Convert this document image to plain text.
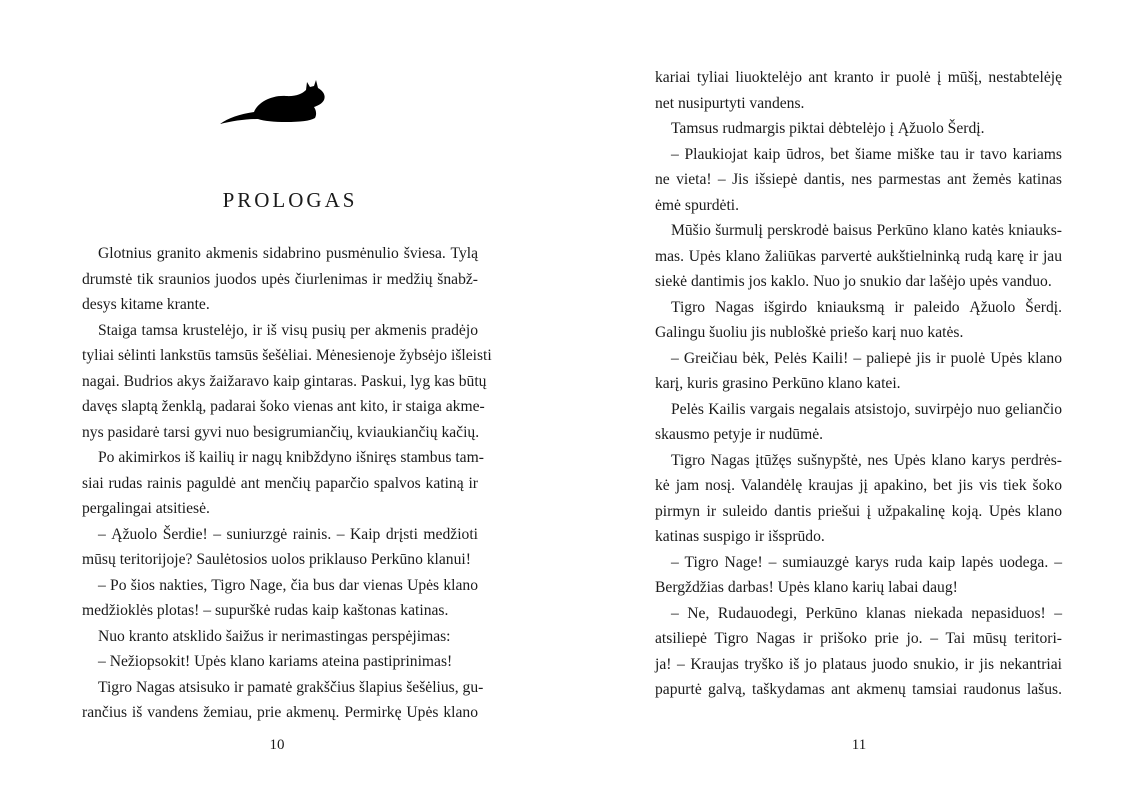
PROLOGAS
Glotnius granito akmenis sidabrino pusmėnulio šviesa. Tylą
drumstė tik sraunios juodos upės čiurlenimas ir medžių šnabž-
desys kitame krante.
Staiga tamsa krustelėjo, ir iš visų pusių per akmenis pradėjo
tyliai sėlinti lankstūs tamsūs šešėliai. Mėnesienoje žybsėjo išleisti
nagai. Budrios akys žaižaravo kaip gintaras. Paskui, lyg kas būtų
davęs slaptą ženklą, padarai šoko vienas ant kito, ir staiga akme-
nys pasidarė tarsi gyvi nuo besigrumiančių, kviaukiančių kačių.
Po akimirkos iš kailių ir nagų knibždyno išniręs stambus tam-
siai rudas rainis paguldė ant menčių paparčio spalvos katiną ir
pergalingai atsitiesė.
– Ąžuolo Šerdie! – suniurzgė rainis. – Kaip drįsti medžioti
mūsų teritorijoje? Saulėtosios uolos priklauso Perkūno klanui!
– Po šios nakties, Tigro Nage, čia bus dar vienas Upės klano
medžioklės plotas! – supurškė rudas kaip kaštonas katinas.
Nuo kranto atsklido šaižus ir nerimastingas perspėjimas:
– Nežiopsokit! Upės klano kariams ateina pastiprinimas!
Tigro Nagas atsisuko ir pamatė grakščius šlapius šešėlius, gu-
rančius iš vandens žemiau, prie akmenų. Permirkę Upės klano
10
kariai tyliai liuoktelėjo ant kranto ir puolė į mūšį, nestabtelėję
net nusipurtyti vandens.
Tamsus rudmargis piktai dėbtelėjo į Ąžuolo Šerdį.
– Plaukiojat kaip ūdros, bet šiame miške tau ir tavo kariams
ne vieta! – Jis išsiepė dantis, nes parmestas ant žemės katinas
ėmė spurdėti.
Mūšio šurmulį perskrodė baisus Perkūno klano katės kniauks-
mas. Upės klano žaliūkas parvertė aukštielninką rudą karę ir jau
siekė dantimis jos kaklo. Nuo jo snukio dar lašėjo upės vanduo.
Tigro Nagas išgirdo kniauksmą ir paleido Ąžuolo Šerdį.
Galingu šuoliu jis nubloškė priešo karį nuo katės.
– Greičiau bėk, Pelės Kaili! – paliepė jis ir puolė Upės klano
karį, kuris grasino Perkūno klano katei.
Pelės Kailis vargais negalais atsistojo, suvirpėjo nuo geliančio
skausmo petyje ir nudūmė.
Tigro Nagas įtūžęs sušnypštė, nes Upės klano karys perdrės-
kė jam nosį. Valandėlę kraujas jį apakino, bet jis vis tiek šoko
pirmyn ir suleido dantis priešui į užpakalinę koją. Upės klano
katinas suspigo ir išsprūdo.
– Tigro Nage! – sumiauzgė karys ruda kaip lapės uodega. –
Bergždžias darbas! Upės klano karių labai daug!
– Ne, Rudauodegi, Perkūno klanas niekada nepasiduos! –
atsiliepė Tigro Nagas ir prišoko prie jo. – Tai mūsų teritori-
ja! – Kraujas tryško iš jo plataus juodo snukio, ir jis nekantriai
papurtė galvą, taškydamas ant akmenų tamsiai raudonus lašus.
11
